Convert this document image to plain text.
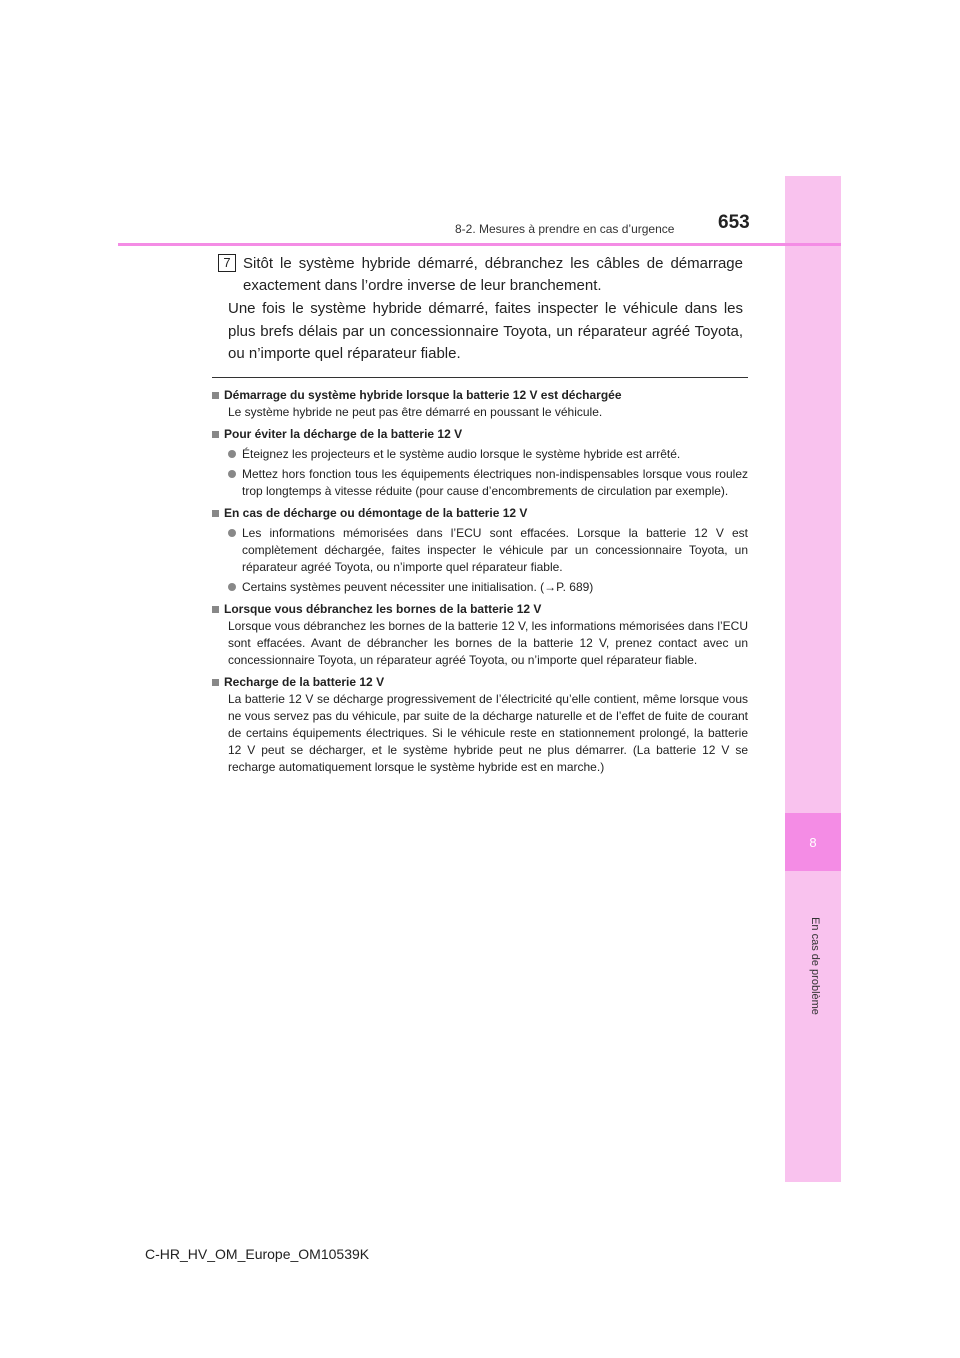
8
En cas de problème
8-2. Mesures à prendre en cas d’urgence 653
7 Sitôt le système hybride démarré, débranchez les câbles de démarrage exactement dans l’ordre inverse de leur branchement.
Une fois le système hybride démarré, faites inspecter le véhicule dans les plus brefs délais par un concessionnaire Toyota, un réparateur agréé Toyota, ou n’importe quel réparateur fiable.
Démarrage du système hybride lorsque la batterie 12 V est déchargée
Le système hybride ne peut pas être démarré en poussant le véhicule.
Pour éviter la décharge de la batterie 12 V
Éteignez les projecteurs et le système audio lorsque le système hybride est arrêté.
Mettez hors fonction tous les équipements électriques non-indispensables lorsque vous roulez trop longtemps à vitesse réduite (pour cause d’encombrements de circulation par exemple).
En cas de décharge ou démontage de la batterie 12 V
Les informations mémorisées dans l’ECU sont effacées. Lorsque la batterie 12 V est complètement déchargée, faites inspecter le véhicule par un concessionnaire Toyota, un réparateur agréé Toyota, ou n’importe quel réparateur fiable.
Certains systèmes peuvent nécessiter une initialisation. (→P. 689)
Lorsque vous débranchez les bornes de la batterie 12 V
Lorsque vous débranchez les bornes de la batterie 12 V, les informations mémorisées dans l’ECU sont effacées. Avant de débrancher les bornes de la batterie 12 V, prenez contact avec un concessionnaire Toyota, un réparateur agréé Toyota, ou n’importe quel réparateur fiable.
Recharge de la batterie 12 V
La batterie 12 V se décharge progressivement de l’électricité qu’elle contient, même lorsque vous ne vous servez pas du véhicule, par suite de la décharge naturelle et de l’effet de fuite de courant de certains équipements électriques. Si le véhicule reste en stationnement prolongé, la batterie 12 V peut se décharger, et le système hybride peut ne plus démarrer. (La batterie 12 V se recharge automatiquement lorsque le système hybride est en marche.)
C-HR_HV_OM_Europe_OM10539K
